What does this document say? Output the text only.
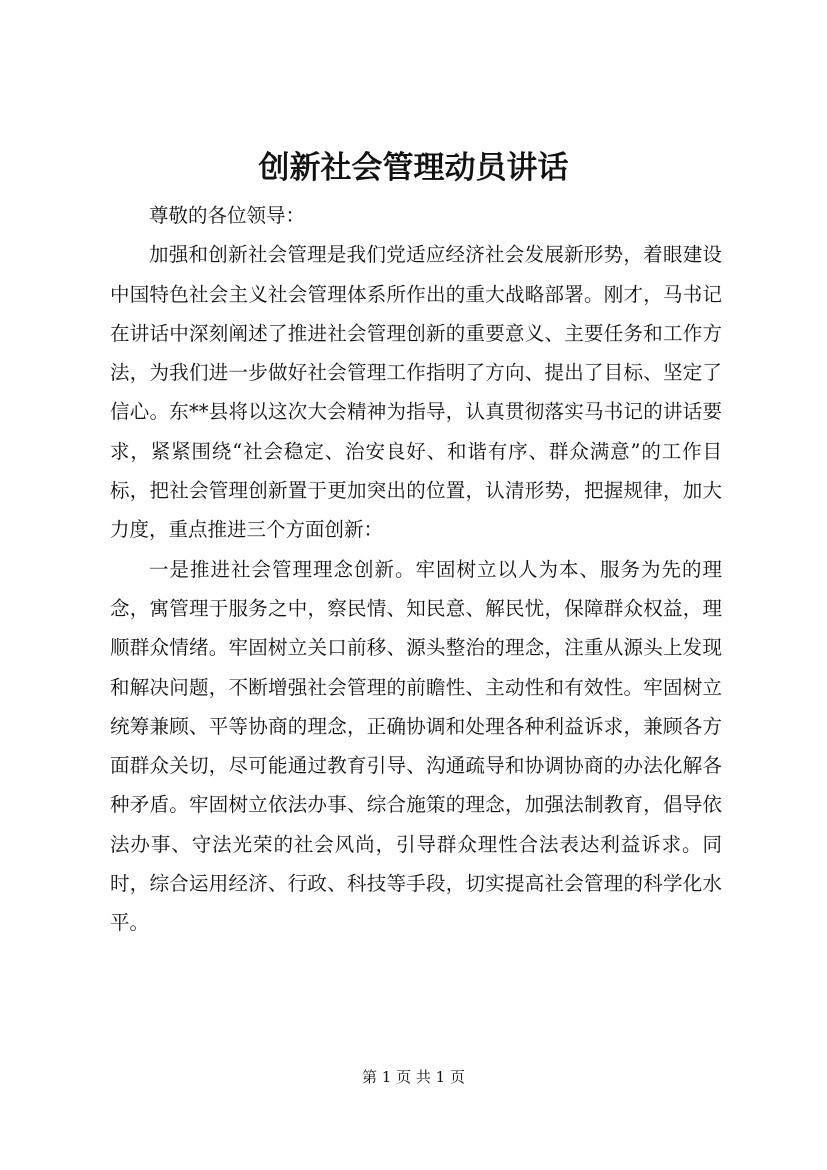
创新社会管理动员讲话

尊敬的各位领导：

加强和创新社会管理是我们党适应经济社会发展新形势，着眼建设中国特色社会主义社会管理体系所作出的重大战略部署。刚才，马书记在讲话中深刻阐述了推进社会管理创新的重要意义、主要任务和工作方法，为我们进一步做好社会管理工作指明了方向、提出了目标、坚定了信心。东**县将以这次大会精神为指导，认真贯彻落实马书记的讲话要求，紧紧围绕“社会稳定、治安良好、和谐有序、群众满意”的工作目标，把社会管理创新置于更加突出的位置，认清形势，把握规律，加大力度，重点推进三个方面创新：

一是推进社会管理理念创新。牢固树立以人为本、服务为先的理念，寓管理于服务之中，察民情、知民意、解民忧，保障群众权益，理顺群众情绪。牢固树立关口前移、源头整治的理念，注重从源头上发现和解决问题，不断增强社会管理的前瞻性、主动性和有效性。牢固树立统筹兼顾、平等协商的理念，正确协调和处理各种利益诉求，兼顾各方面群众关切，尽可能通过教育引导、沟通疏导和协调协商的办法化解各种矛盾。牢固树立依法办事、综合施策的理念，加强法制教育，倡导依法办事、守法光荣的社会风尚，引导群众理性合法表达利益诉求。同时，综合运用经济、行政、科技等手段，切实提高社会管理的科学化水平。

第 1 页 共 1 页
